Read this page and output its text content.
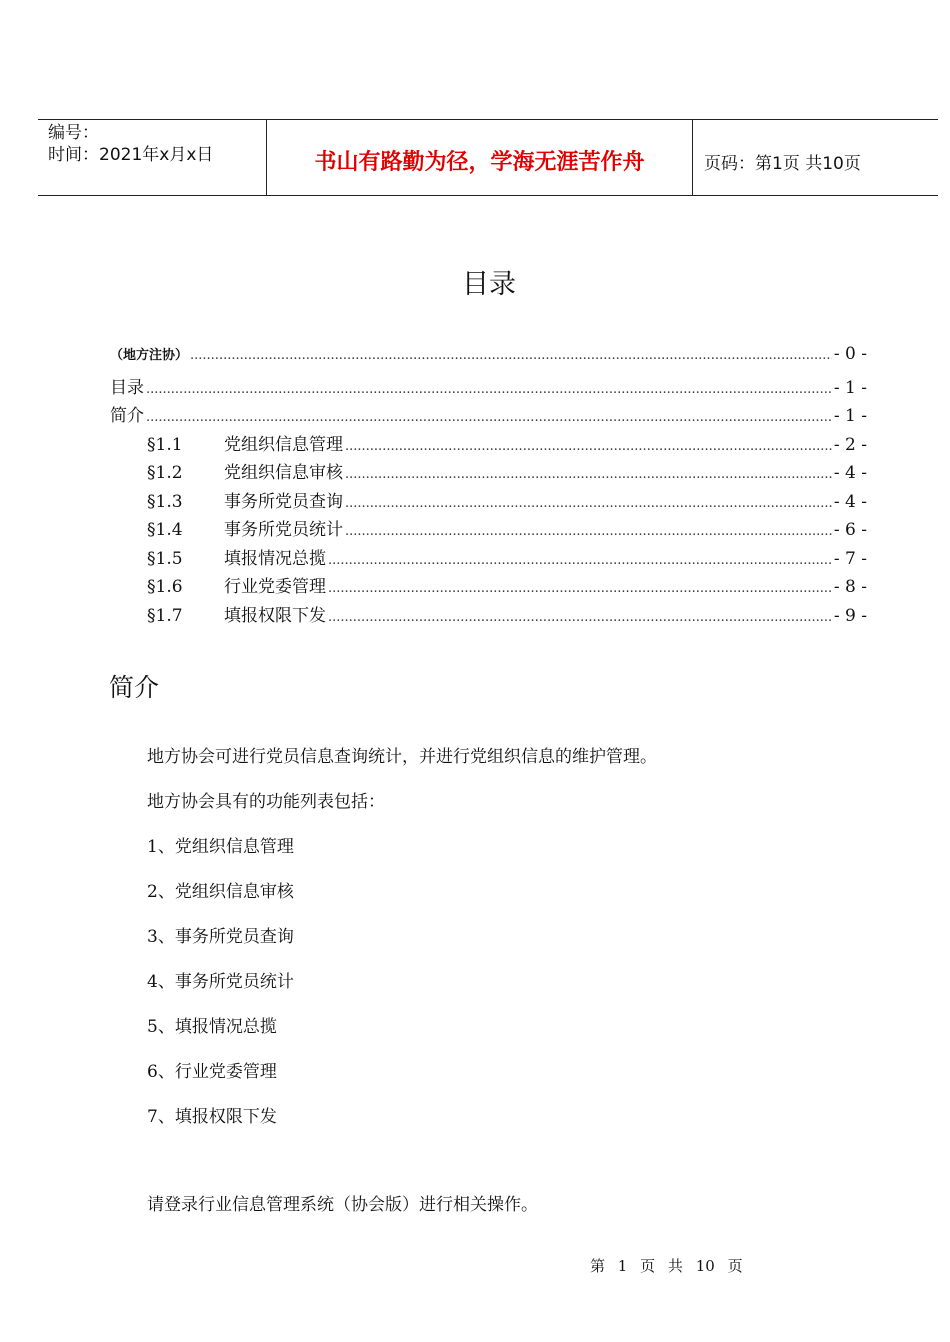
编号：
时间：2021年x月x日	书山有路勤为径，学海无涯苦作舟	页码：第1页 共10页
目录
（地方注协） .....	- 0 -
目录 .....	- 1 -
简介 .....	- 1 -
§1.1	党组织信息管理 .....	- 2 -
§1.2	党组织信息审核 .....	- 4 -
§1.3	事务所党员查询 .....	- 4 -
§1.4	事务所党员统计 .....	- 6 -
§1.5	填报情况总揽 .....	- 7 -
§1.6	行业党委管理 .....	- 8 -
§1.7	填报权限下发 .....	- 9 -
简介
地方协会可进行党员信息查询统计，并进行党组织信息的维护管理。
地方协会具有的功能列表包括：
1、党组织信息管理
2、党组织信息审核
3、事务所党员查询
4、事务所党员统计
5、填报情况总揽
6、行业党委管理
7、填报权限下发
请登录行业信息管理系统（协会版）进行相关操作。
第 1 页 共 10 页
